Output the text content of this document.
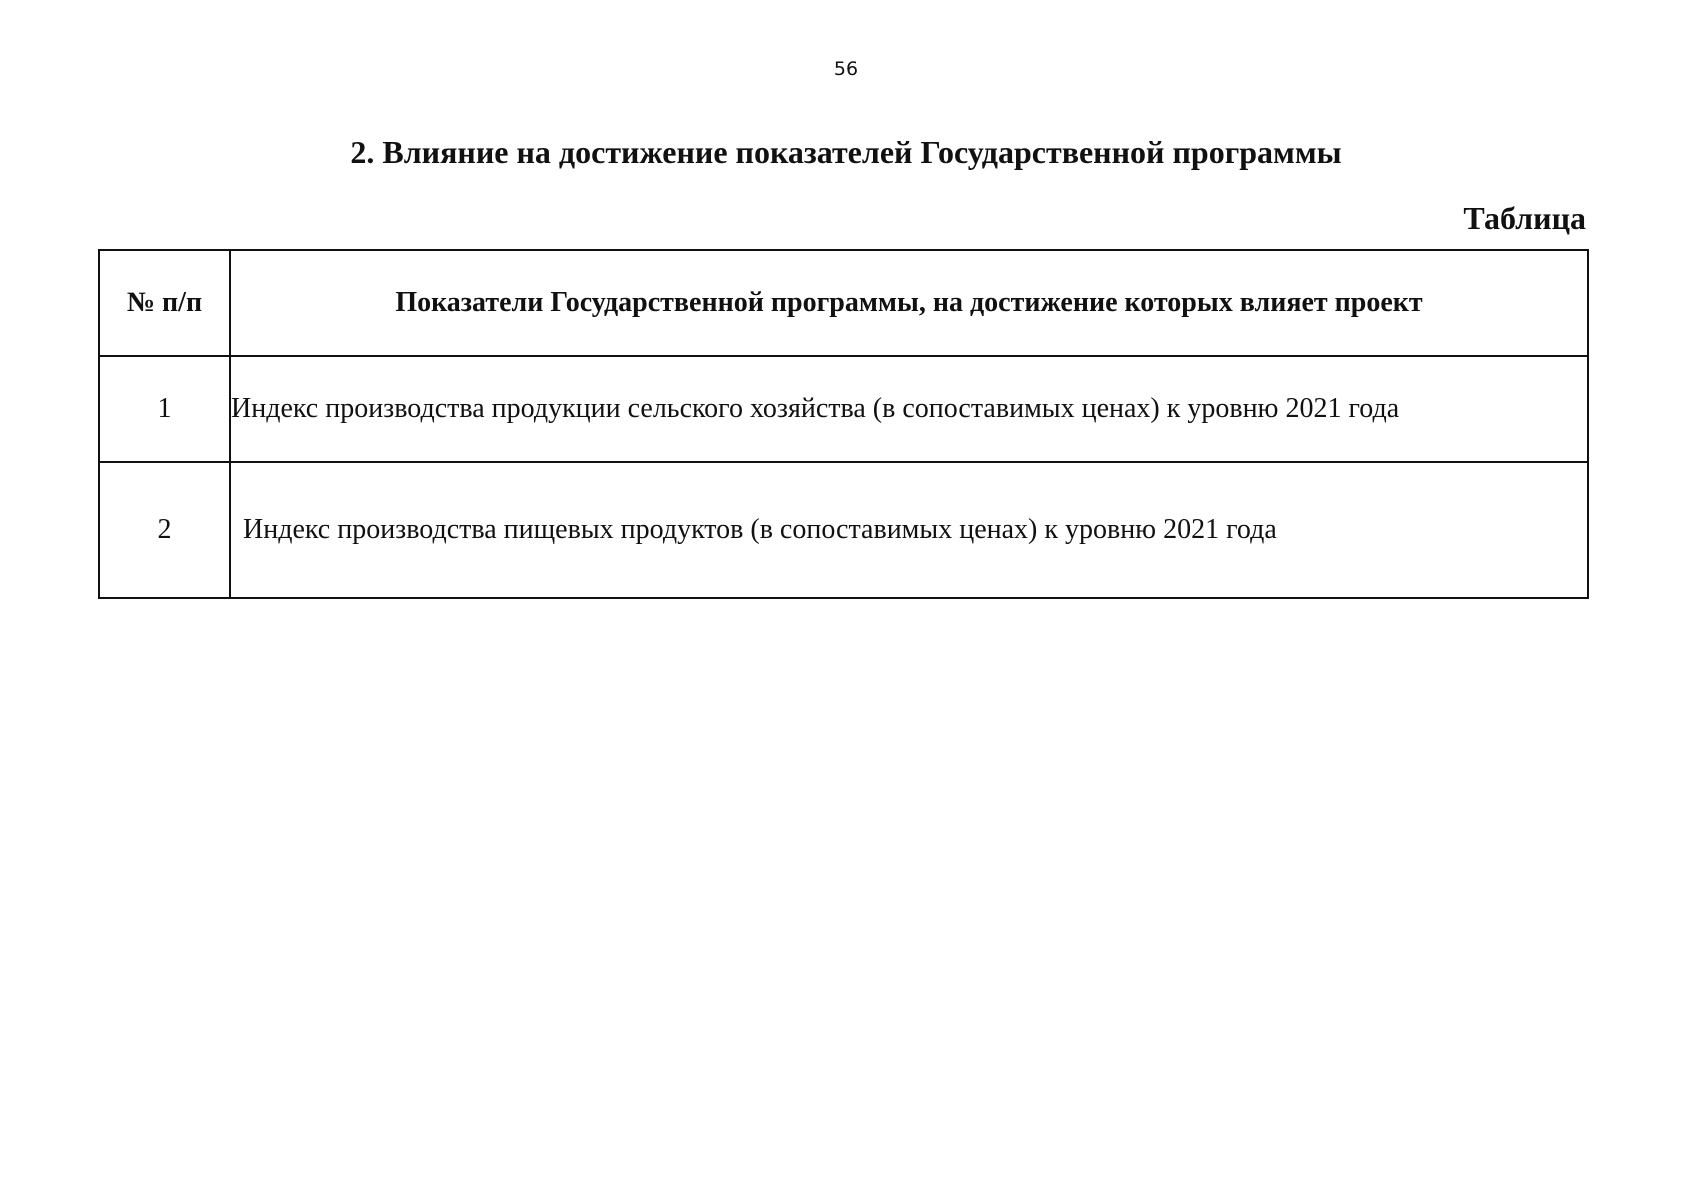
56
2. Влияние на достижение показателей Государственной программы
Таблица
№ п/п	Показатели Государственной программы, на достижение которых влияет проект
1	Индекс производства продукции сельского хозяйства (в сопоставимых ценах) к уровню 2021 года
2	Индекс производства пищевых продуктов (в сопоставимых ценах) к уровню 2021 года
